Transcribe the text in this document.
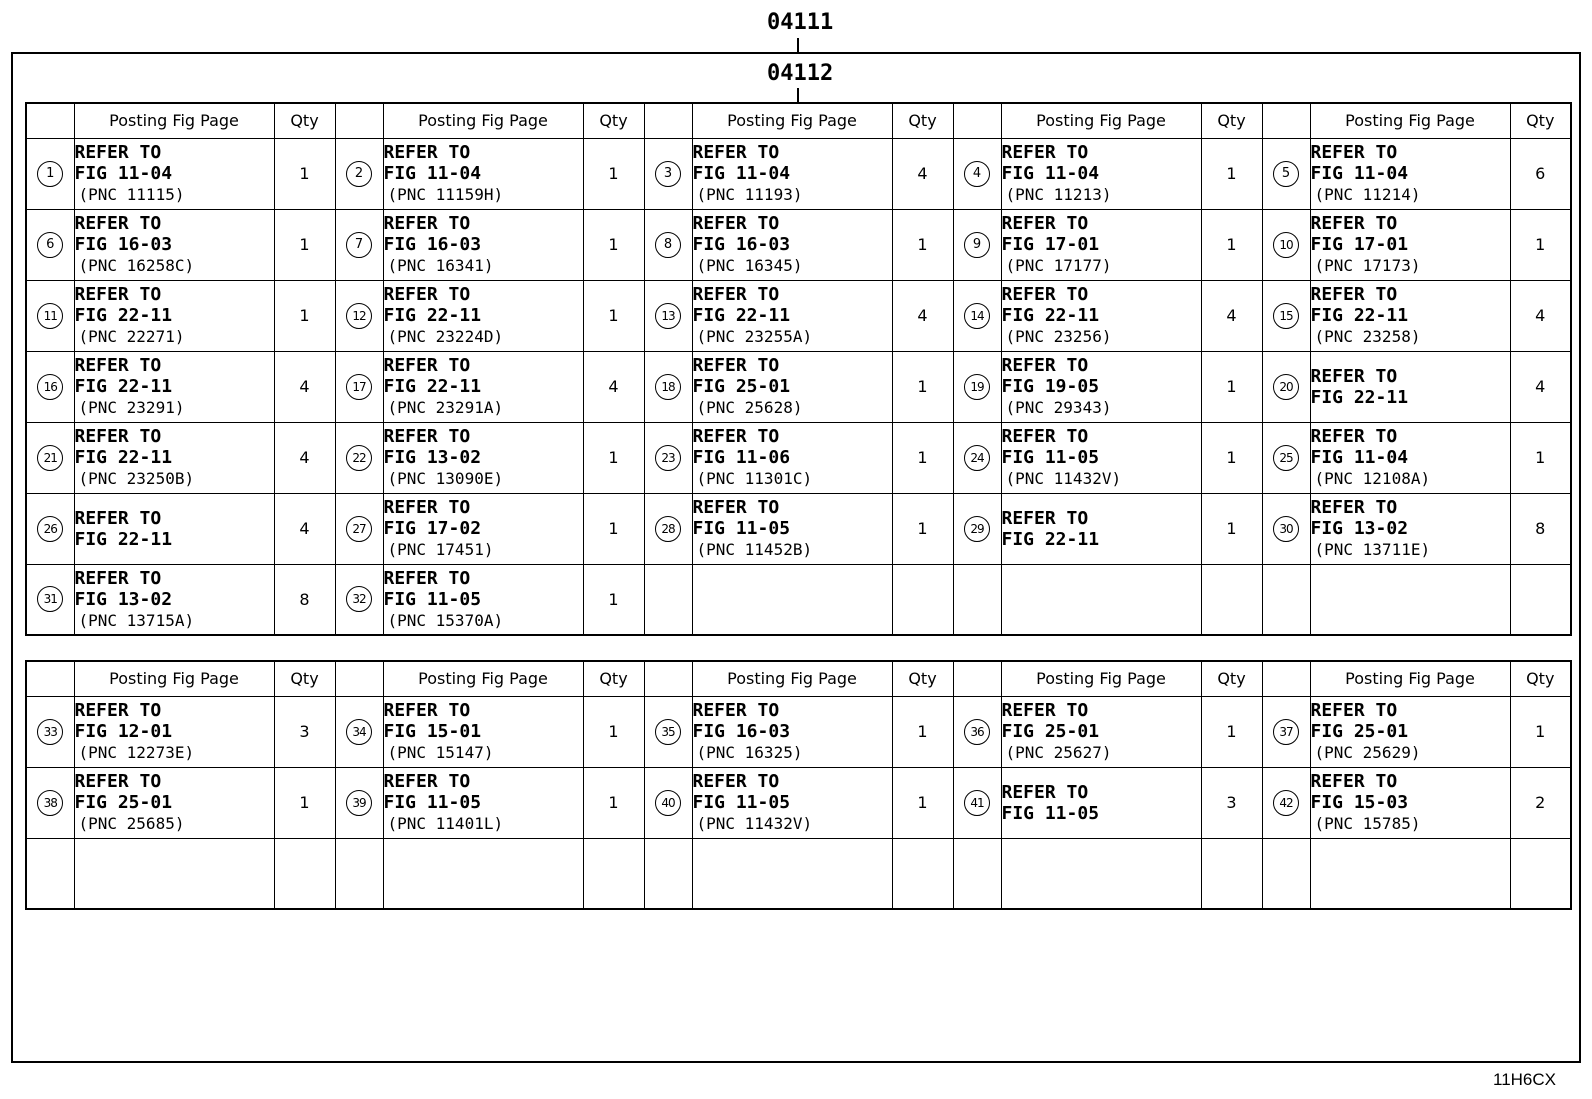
04111
04112
	Posting Fig Page	Qty		Posting Fig Page	Qty		Posting Fig Page	Qty		Posting Fig Page	Qty		Posting Fig Page	Qty
1	REFER TO
FIG 11-04
(PNC 11115)	1	2	REFER TO
FIG 11-04
(PNC 11159H)	1	3	REFER TO
FIG 11-04
(PNC 11193)	4	4	REFER TO
FIG 11-04
(PNC 11213)	1	5	REFER TO
FIG 11-04
(PNC 11214)	6
6	REFER TO
FIG 16-03
(PNC 16258C)	1	7	REFER TO
FIG 16-03
(PNC 16341)	1	8	REFER TO
FIG 16-03
(PNC 16345)	1	9	REFER TO
FIG 17-01
(PNC 17177)	1	10	REFER TO
FIG 17-01
(PNC 17173)	1
11	REFER TO
FIG 22-11
(PNC 22271)	1	12	REFER TO
FIG 22-11
(PNC 23224D)	1	13	REFER TO
FIG 22-11
(PNC 23255A)	4	14	REFER TO
FIG 22-11
(PNC 23256)	4	15	REFER TO
FIG 22-11
(PNC 23258)	4
16	REFER TO
FIG 22-11
(PNC 23291)	4	17	REFER TO
FIG 22-11
(PNC 23291A)	4	18	REFER TO
FIG 25-01
(PNC 25628)	1	19	REFER TO
FIG 19-05
(PNC 29343)	1	20	REFER TO
FIG 22-11	4
21	REFER TO
FIG 22-11
(PNC 23250B)	4	22	REFER TO
FIG 13-02
(PNC 13090E)	1	23	REFER TO
FIG 11-06
(PNC 11301C)	1	24	REFER TO
FIG 11-05
(PNC 11432V)	1	25	REFER TO
FIG 11-04
(PNC 12108A)	1
26	REFER TO
FIG 22-11	4	27	REFER TO
FIG 17-02
(PNC 17451)	1	28	REFER TO
FIG 11-05
(PNC 11452B)	1	29	REFER TO
FIG 22-11	1	30	REFER TO
FIG 13-02
(PNC 13711E)	8
31	REFER TO
FIG 13-02
(PNC 13715A)	8	32	REFER TO
FIG 11-05
(PNC 15370A)	1									
	Posting Fig Page	Qty		Posting Fig Page	Qty		Posting Fig Page	Qty		Posting Fig Page	Qty		Posting Fig Page	Qty
33	REFER TO
FIG 12-01
(PNC 12273E)	3	34	REFER TO
FIG 15-01
(PNC 15147)	1	35	REFER TO
FIG 16-03
(PNC 16325)	1	36	REFER TO
FIG 25-01
(PNC 25627)	1	37	REFER TO
FIG 25-01
(PNC 25629)	1
38	REFER TO
FIG 25-01
(PNC 25685)	1	39	REFER TO
FIG 11-05
(PNC 11401L)	1	40	REFER TO
FIG 11-05
(PNC 11432V)	1	41	REFER TO
FIG 11-05	3	42	REFER TO
FIG 15-03
(PNC 15785)	2

11H6CX
